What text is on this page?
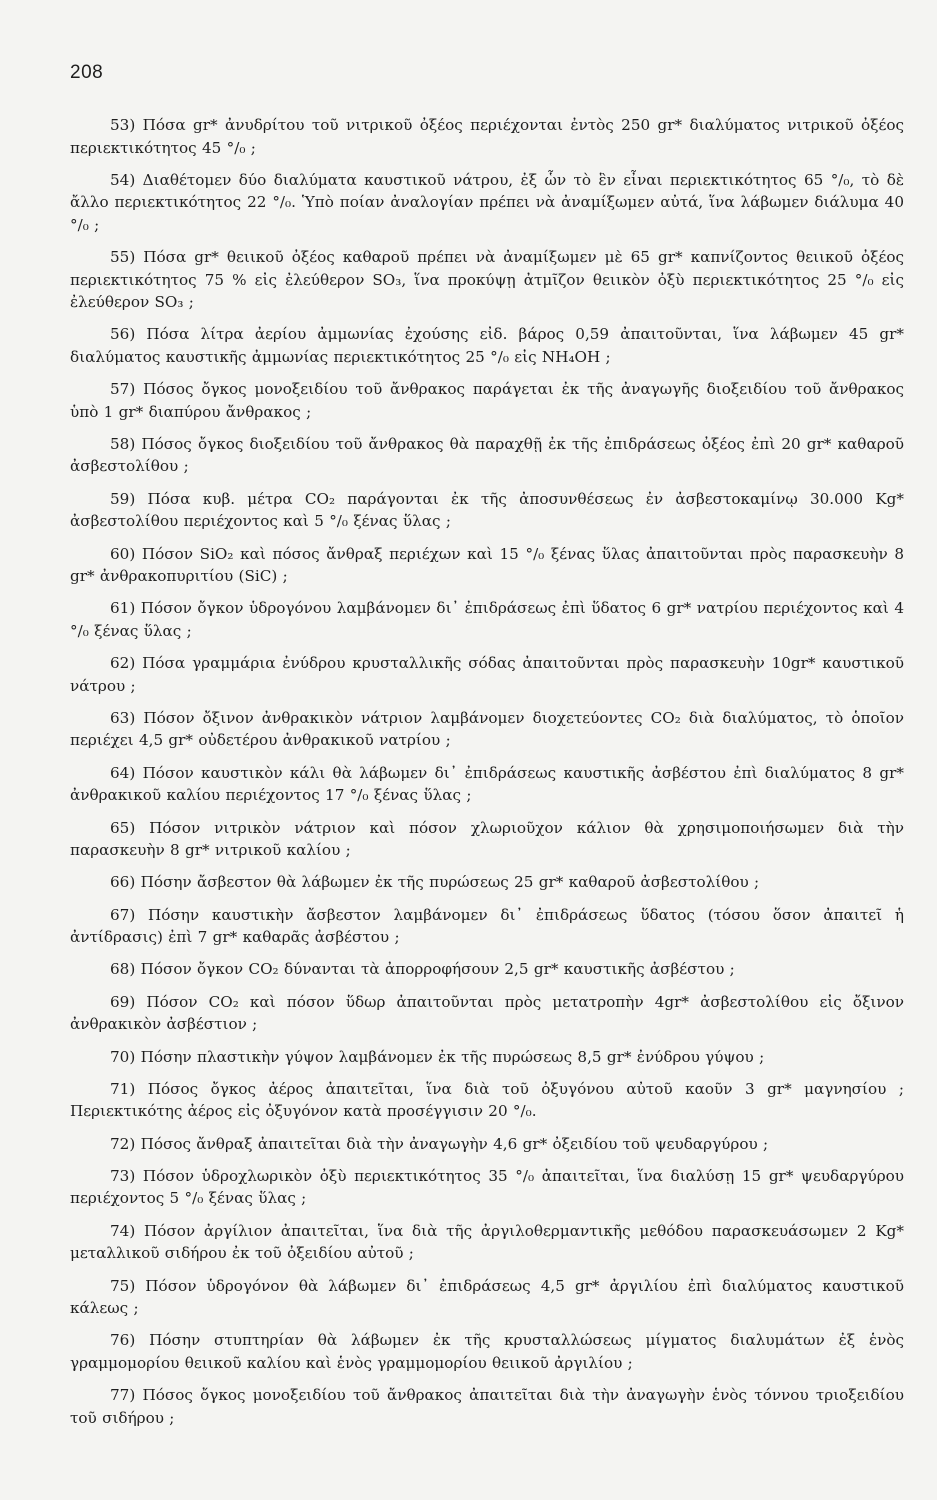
208

53) Πόσα gr* ἀνυδρίτου τοῦ νιτρικοῦ ὀξέος περιέχονται ἐντὸς 250 gr* διαλύματος νιτρικοῦ ὀξέος περιεκτικότητος 45 °/₀ ;

54) Διαθέτομεν δύο διαλύματα καυστικοῦ νάτρου, ἐξ ὧν τὸ ἓν εἶναι περιεκτικότητος 65 °/₀, τὸ δὲ ἄλλο περιεκτικότητος 22 °/₀. Ὑπὸ ποίαν ἀναλογίαν πρέπει νὰ ἀναμίξωμεν αὐτά, ἵνα λάβωμεν διάλυμα 40 °/₀ ;

55) Πόσα gr* θειικοῦ ὀξέος καθαροῦ πρέπει νὰ ἀναμίξωμεν μὲ 65 gr* καπνίζοντος θειικοῦ ὀξέος περιεκτικότητος 75 % εἰς ἐλεύθερον SO₃, ἵνα προκύψῃ ἀτμῖζον θειικὸν ὀξὺ περιεκτικότητος 25 °/₀ εἰς ἐλεύθερον SO₃ ;

56) Πόσα λίτρα ἀερίου ἀμμωνίας ἐχούσης εἰδ. βάρος 0,59 ἀπαιτοῦνται, ἵνα λάβωμεν 45 gr* διαλύματος καυστικῆς ἀμμωνίας περιεκτικότητος 25 °/₀ εἰς NH₄OH ;

57) Πόσος ὄγκος μονοξειδίου τοῦ ἄνθρακος παράγεται ἐκ τῆς ἀναγωγῆς διοξειδίου τοῦ ἄνθρακος ὑπὸ 1 gr* διαπύρου ἄνθρακος ;

58) Πόσος ὄγκος διοξειδίου τοῦ ἄνθρακος θὰ παραχθῇ ἐκ τῆς ἐπιδράσεως ὀξέος ἐπὶ 20 gr* καθαροῦ ἀσβεστολίθου ;

59) Πόσα κυβ. μέτρα CO₂ παράγονται ἐκ τῆς ἀποσυνθέσεως ἐν ἀσβεστοκαμίνῳ 30.000 Kg* ἀσβεστολίθου περιέχοντος καὶ 5 °/₀ ξένας ὕλας ;

60) Πόσον SiO₂ καὶ πόσος ἄνθραξ περιέχων καὶ 15 °/₀ ξένας ὕλας ἀπαιτοῦνται πρὸς παρασκευὴν 8 gr* ἀνθρακοπυριτίου (SiC) ;

61) Πόσον ὄγκον ὑδρογόνου λαμβάνομεν δι᾽ ἐπιδράσεως ἐπὶ ὕδατος 6 gr* νατρίου περιέχοντος καὶ 4 °/₀ ξένας ὕλας ;

62) Πόσα γραμμάρια ἐνύδρου κρυσταλλικῆς σόδας ἀπαιτοῦνται πρὸς παρασκευὴν 10gr* καυστικοῦ νάτρου ;

63) Πόσον ὄξινον ἀνθρακικὸν νάτριον λαμβάνομεν διοχετεύοντες CO₂ διὰ διαλύματος, τὸ ὁποῖον περιέχει 4,5 gr* οὐδετέρου ἀνθρακικοῦ νατρίου ;

64) Πόσον καυστικὸν κάλι θὰ λάβωμεν δι᾽ ἐπιδράσεως καυστικῆς ἀσβέστου ἐπὶ διαλύματος 8 gr* ἀνθρακικοῦ καλίου περιέχοντος 17 °/₀ ξένας ὕλας ;

65) Πόσον νιτρικὸν νάτριον καὶ πόσον χλωριοῦχον κάλιον θὰ χρησιμοποιήσωμεν διὰ τὴν παρασκευὴν 8 gr* νιτρικοῦ καλίου ;

66) Πόσην ἄσβεστον θὰ λάβωμεν ἐκ τῆς πυρώσεως 25 gr* καθαροῦ ἀσβεστολίθου ;

67) Πόσην καυστικὴν ἄσβεστον λαμβάνομεν δι᾽ ἐπιδράσεως ὕδατος (τόσου ὅσον ἀπαιτεῖ ἡ ἀντίδρασις) ἐπὶ 7 gr* καθαρᾶς ἀσβέστου ;

68) Πόσον ὄγκον CO₂ δύνανται τὰ ἀπορροφήσουν 2,5 gr* καυστικῆς ἀσβέστου ;

69) Πόσον CO₂ καὶ πόσον ὕδωρ ἀπαιτοῦνται πρὸς μετατροπὴν 4gr* ἀσβεστολίθου εἰς ὄξινον ἀνθρακικὸν ἀσβέστιον ;

70) Πόσην πλαστικὴν γύψον λαμβάνομεν ἐκ τῆς πυρώσεως 8,5 gr* ἐνύδρου γύψου ;

71) Πόσος ὄγκος ἀέρος ἀπαιτεῖται, ἵνα διὰ τοῦ ὀξυγόνου αὐτοῦ καοῦν 3 gr* μαγνησίου ; Περιεκτικότης ἀέρος εἰς ὀξυγόνον κατὰ προσέγγισιν 20 °/₀.

72) Πόσος ἄνθραξ ἀπαιτεῖται διὰ τὴν ἀναγωγὴν 4,6 gr* ὀξειδίου τοῦ ψευδαργύρου ;

73) Πόσον ὑδροχλωρικὸν ὀξὺ περιεκτικότητος 35 °/₀ ἀπαιτεῖται, ἵνα διαλύσῃ 15 gr* ψευδαργύρου περιέχοντος 5 °/₀ ξένας ὕλας ;

74) Πόσον ἀργίλιον ἀπαιτεῖται, ἵνα διὰ τῆς ἀργιλοθερμαντικῆς μεθόδου παρασκευάσωμεν 2 Kg* μεταλλικοῦ σιδήρου ἐκ τοῦ ὀξειδίου αὐτοῦ ;

75) Πόσον ὑδρογόνον θὰ λάβωμεν δι᾽ ἐπιδράσεως 4,5 gr* ἀργιλίου ἐπὶ διαλύματος καυστικοῦ κάλεως ;

76) Πόσην στυπτηρίαν θὰ λάβωμεν ἐκ τῆς κρυσταλλώσεως μίγματος διαλυμάτων ἐξ ἑνὸς γραμμομορίου θειικοῦ καλίου καὶ ἑνὸς γραμμομορίου θειικοῦ ἀργιλίου ;

77) Πόσος ὄγκος μονοξειδίου τοῦ ἄνθρακος ἀπαιτεῖται διὰ τὴν ἀναγωγὴν ἑνὸς τόννου τριοξειδίου τοῦ σιδήρου ;
